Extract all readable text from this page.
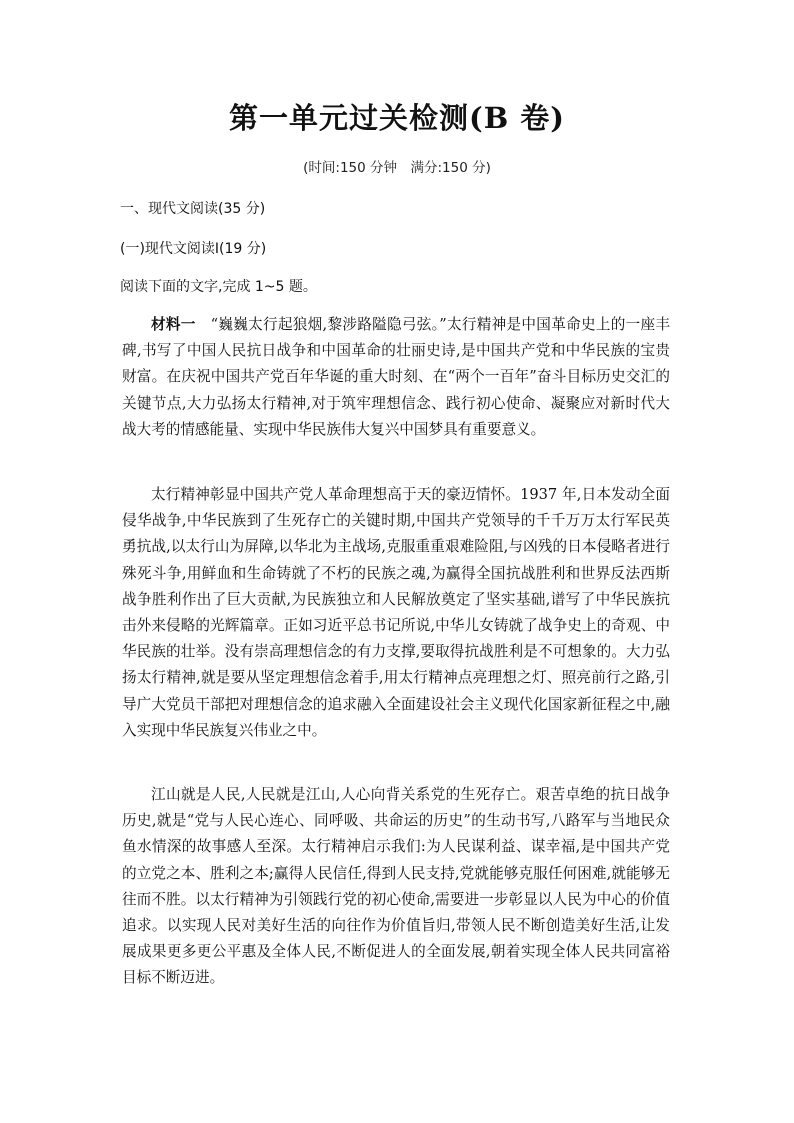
第一单元过关检测(B 卷)
(时间:150 分钟　满分:150 分)
一、现代文阅读(35 分)
(一)现代文阅读Ⅰ(19 分)
阅读下面的文字,完成 1~5 题。

材料一　 “巍巍太行起狼烟,黎涉路隘隐弓弦。”太行精神是中国革命史上的一座丰碑,书写了中国人民抗日战争和中国革命的壮丽史诗,是中国共产党和中华民族的宝贵财富。在庆祝中国共产党百年华诞的重大时刻、在“两个一百年”奋斗目标历史交汇的关键节点,大力弘扬太行精神,对于筑牢理想信念、践行初心使命、凝聚应对新时代大战大考的情感能量、实现中华民族伟大复兴中国梦具有重要意义。

太行精神彰显中国共产党人革命理想高于天的豪迈情怀。1937 年,日本发动全面侵华战争,中华民族到了生死存亡的关键时期,中国共产党领导的千千万万太行军民英勇抗战,以太行山为屏障,以华北为主战场,克服重重艰难险阻,与凶残的日本侵略者进行殊死斗争,用鲜血和生命铸就了不朽的民族之魂,为赢得全国抗战胜利和世界反法西斯战争胜利作出了巨大贡献,为民族独立和人民解放奠定了坚实基础,谱写了中华民族抗击外来侵略的光辉篇章。正如习近平总书记所说,中华儿女铸就了战争史上的奇观、中华民族的壮举。没有崇高理想信念的有力支撑,要取得抗战胜利是不可想象的。大力弘扬太行精神,就是要从坚定理想信念着手,用太行精神点亮理想之灯、照亮前行之路,引导广大党员干部把对理想信念的追求融入全面建设社会主义现代化国家新征程之中,融入实现中华民族复兴伟业之中。

江山就是人民,人民就是江山,人心向背关系党的生死存亡。艰苦卓绝的抗日战争历史,就是“党与人民心连心、同呼吸、共命运的历史”的生动书写,八路军与当地民众鱼水情深的故事感人至深。太行精神启示我们:为人民谋利益、谋幸福,是中国共产党的立党之本、胜利之本;赢得人民信任,得到人民支持,党就能够克服任何困难,就能够无往而不胜。以太行精神为引领践行党的初心使命,需要进一步彰显以人民为中心的价值追求。以实现人民对美好生活的向往作为价值旨归,带领人民不断创造美好生活,让发展成果更多更公平惠及全体人民,不断促进人的全面发展,朝着实现全体人民共同富裕目标不断迈进。
